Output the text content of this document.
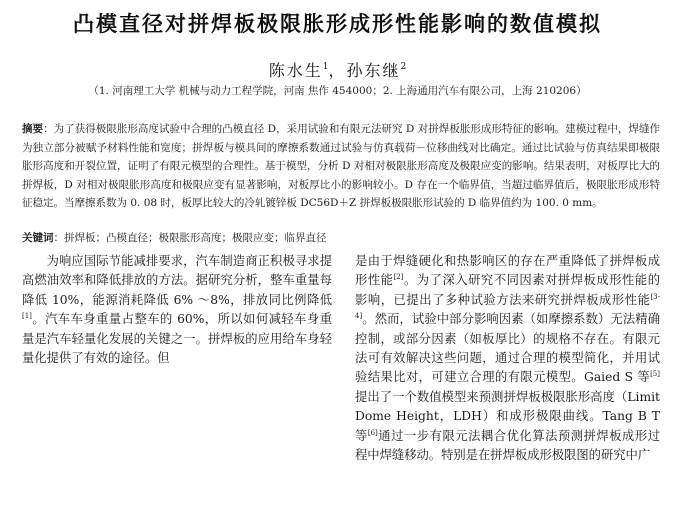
凸模直径对拼焊板极限胀形成形性能影响的数值模拟
陈水生$^1$，孙东继$^2$
（1. 河南理工大学 机械与动力工程学院，河南 焦作 454000；2. 上海通用汽车有限公司，上海 210206）
摘要：为了获得极限胀形高度试验中合理的凸模直径 D，采用试验和有限元法研究 D 对拼焊板胀形成形特征的影响。建模过程中，焊缝作为独立部分被赋予材料性能和宽度；拼焊板与模具间的摩擦系数通过试验与仿真载荷－位移曲线对比确定。通过比试验与仿真结果即极限胀形高度和开裂位置，证明了有限元模型的合理性。基于模型，分析 D 对相对极限胀形高度及极限应变的影响。结果表明，对板厚比大的拼焊板，D 对相对极限胀形高度和极限应变有显著影响，对板厚比小的影响较小。D 存在一个临界值，当超过临界值后，极限胀形成形特征稳定。当摩擦系数为 0. 08 时，板厚比较大的冷轧镀锌板 DC56D＋Z 拼焊板极限胀形试验的 D 临界值约为 100. 0 mm。
关键词：拼焊板；凸模直径；极限胀形高度；极限应变；临界直径

为响应国际节能减排要求，汽车制造商正积极寻求提高燃油效率和降低排放的方法。据研究分析，整车重量每降低 10%，能源消耗降低 6% ～8%，排放同比例降低[1]。汽车车身重量占整车的 60%，所以如何减轻车身重量是汽车轻量化发展的关键之一。拼焊板的应用给车身轻量化提供了有效的途径。但

是由于焊缝硬化和热影响区的存在严重降低了拼焊板成形性能[2]。为了深入研究不同因素对拼焊板成形性能的影响，已提出了多种试验方法来研究拼焊板成形性能[3-4]。然而，试验中部分影响因素（如摩擦系数）无法精确控制，或部分因素（如板厚比）的规格不存在。有限元法可有效解决这些问题，通过合理的模型简化，并用试验结果比对，可建立合理的有限元模型。Gaied S 等[5]提出了一个数值模型来预测拼焊板极限胀形高度（Limit Dome Height，LDH）和成形极限曲线。Tang B T 等[6]通过一步有限元法耦合优化算法预测拼焊板成形过程中焊缝移动。特别是在拼焊板成形极限图的研究中广
